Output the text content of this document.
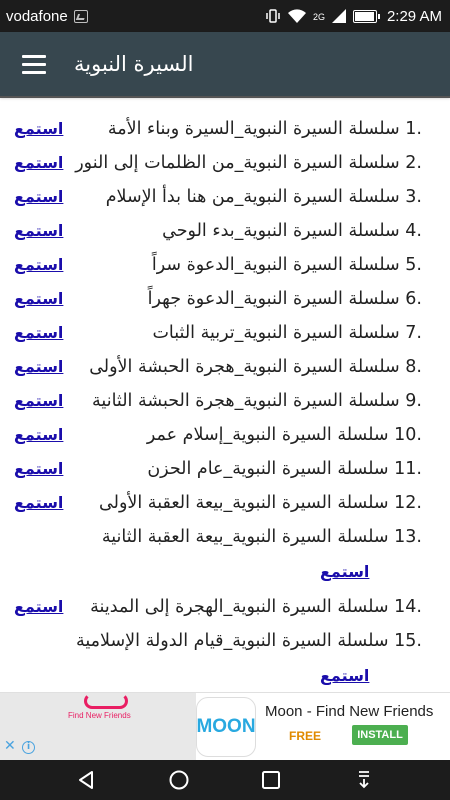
vodafone	2G	2:29 AM
السيرة النبوية
1. سلسلة السيرة النبوية_السيرة وبناء الأمة
استمع
2. سلسلة السيرة النبوية_من الظلمات إلى النور
استمع
3. سلسلة السيرة النبوية_من هنا بدأ الإسلام
استمع
4. سلسلة السيرة النبوية_بدء الوحي
استمع
5. سلسلة السيرة النبوية_الدعوة سراً
استمع
6. سلسلة السيرة النبوية_الدعوة جهراً
استمع
7. سلسلة السيرة النبوية_تربية الثبات
استمع
8. سلسلة السيرة النبوية_هجرة الحبشة الأولى
استمع
9. سلسلة السيرة النبوية_هجرة الحبشة الثانية
استمع
10. سلسلة السيرة النبوية_إسلام عمر
استمع
11. سلسلة السيرة النبوية_عام الحزن
استمع
12. سلسلة السيرة النبوية_بيعة العقبة الأولى
استمع
13. سلسلة السيرة النبوية_بيعة العقبة الثانية
استمع
14. سلسلة السيرة النبوية_الهجرة إلى المدينة
استمع
15. سلسلة السيرة النبوية_قيام الدولة الإسلامية
استمع
Find New Friends
MOON
Moon - Find New Friends
FREE	INSTALL
✕	i
